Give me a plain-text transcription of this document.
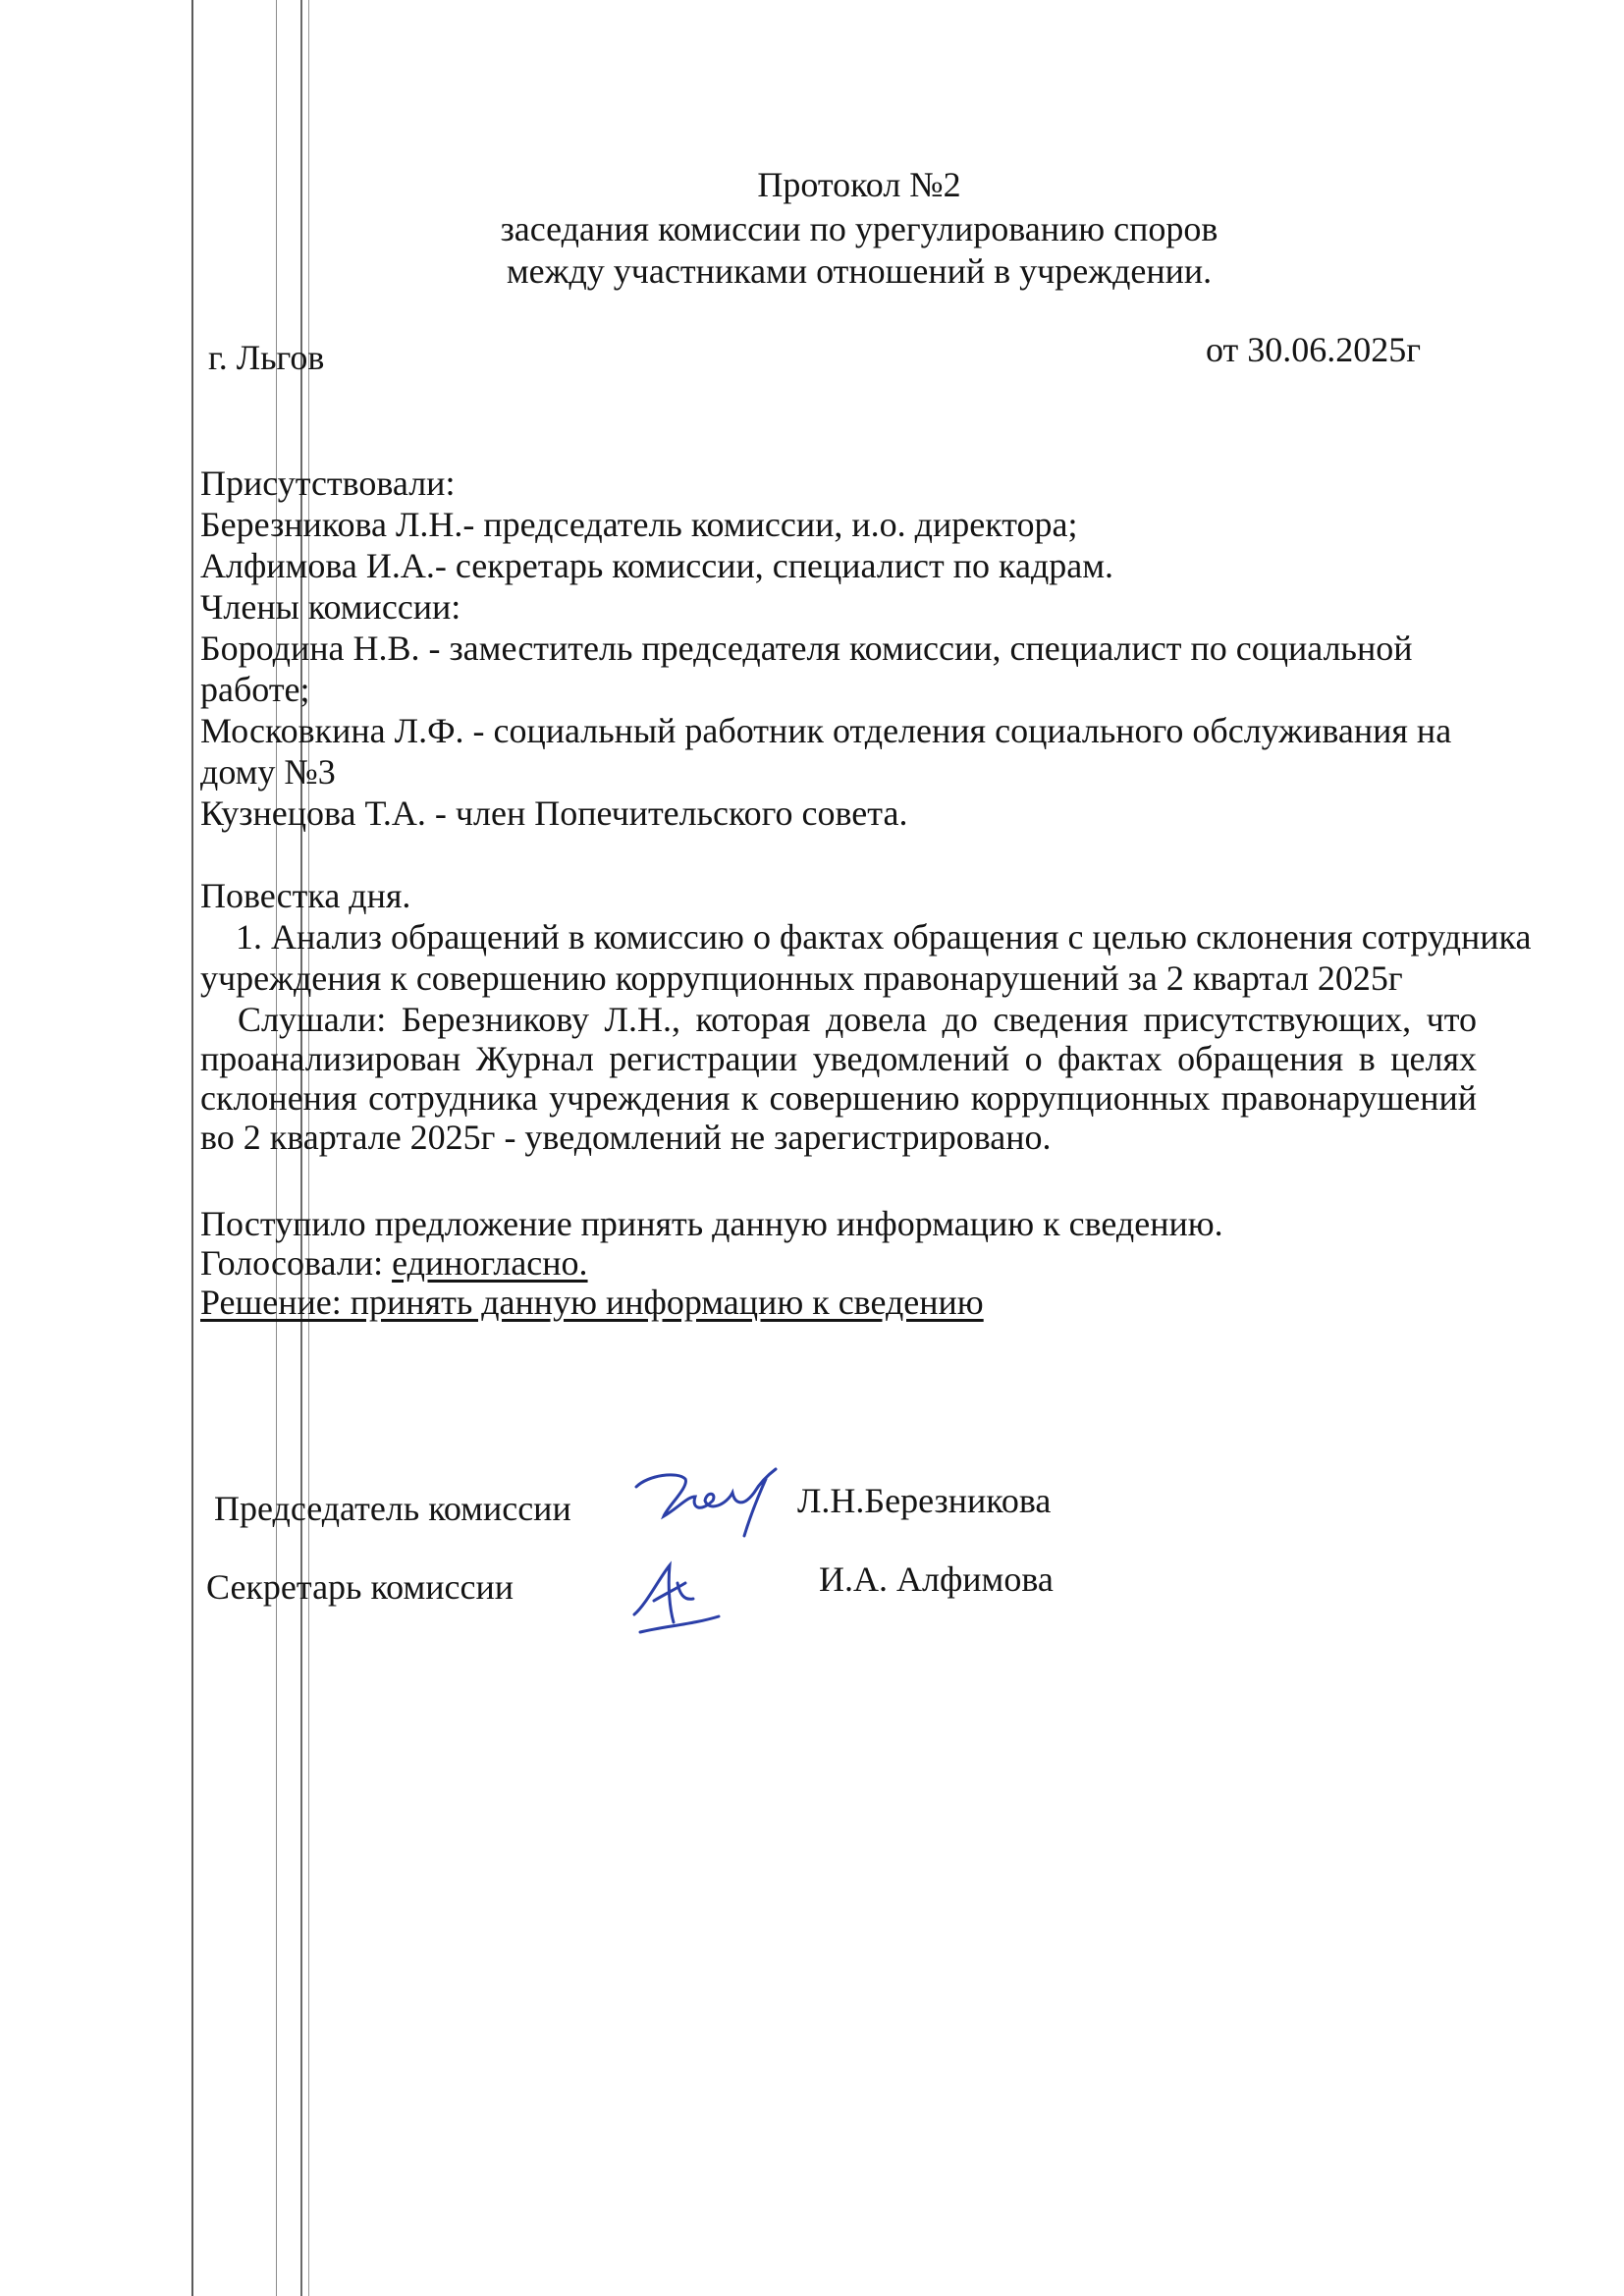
Протокол №2
заседания комиссии по урегулированию споров
между участниками отношений в учреждении.
г. Льгов	от 30.06.2025г
Присутствовали:
Березникова Л.Н.- председатель комиссии, и.о. директора;
Алфимова И.А.- секретарь комиссии, специалист по кадрам.
Члены комиссии:
Бородина Н.В. - заместитель председателя комиссии, специалист по социальной
работе;
Московкина Л.Ф. - социальный работник отделения социального обслуживания на
дому №3
Кузнецова Т.А. - член Попечительского совета.
Повестка дня.
1. Анализ обращений в комиссию о фактах обращения с целью склонения сотрудника
учреждения к совершению коррупционных правонарушений за 2 квартал 2025г
Слушали: Березникову Л.Н., которая довела до сведения присутствующих, что проанализирован Журнал регистрации уведомлений о фактах обращения в целях склонения сотрудника учреждения к совершению коррупционных правонарушений во 2 квартале 2025г - уведомлений не зарегистрировано.
Поступило предложение принять данную информацию к сведению.
Голосовали: единогласно.
Решение: принять данную информацию к сведению
Председатель комиссии	Л.Н.Березникова
Секретарь комиссии	И.А. Алфимова
